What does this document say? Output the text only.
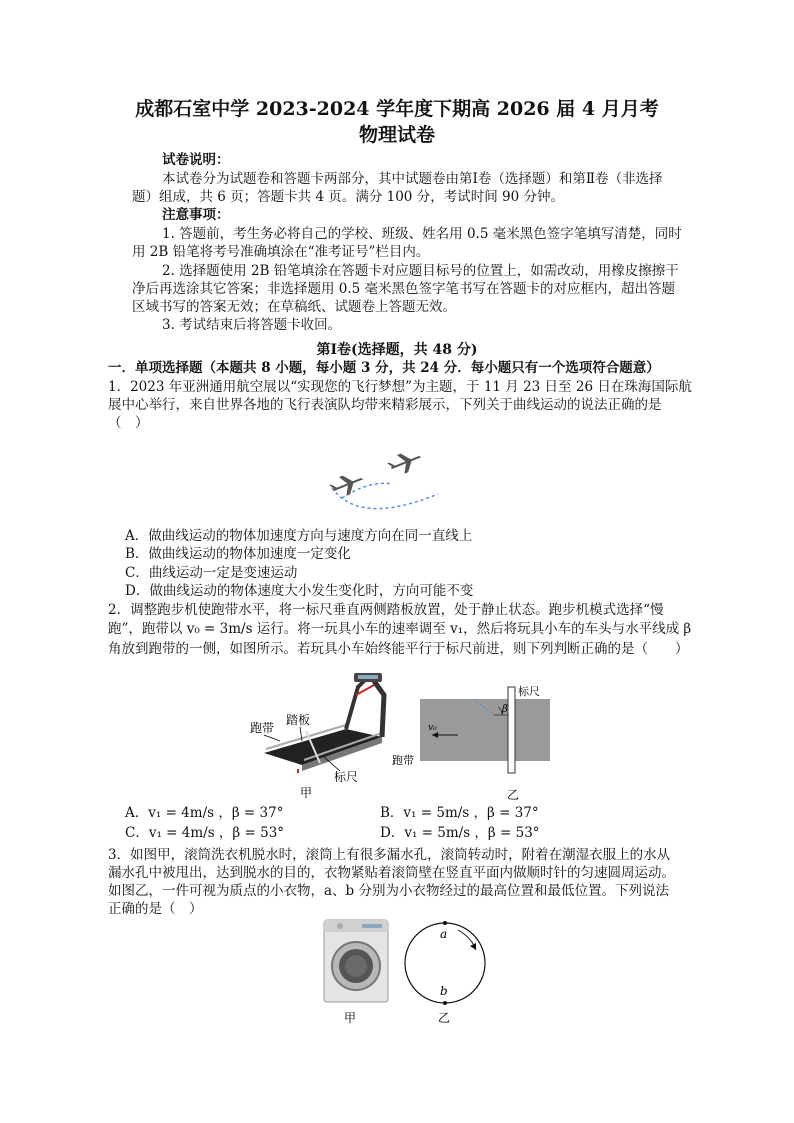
成都石室中学 2023-2024 学年度下期高 2026 届 4 月月考
物理试卷
试卷说明：
本试卷分为试题卷和答题卡两部分，其中试题卷由第Ⅰ卷（选择题）和第Ⅱ卷（非选择
题）组成，共 6 页；答题卡共 4 页。满分 100 分，考试时间 90 分钟。
注意事项：
1. 答题前，考生务必将自己的学校、班级、姓名用 0.5 毫米黑色签字笔填写清楚，同时
用 2B 铅笔将考号准确填涂在“准考证号”栏目内。
2. 选择题使用 2B 铅笔填涂在答题卡对应题目标号的位置上，如需改动，用橡皮擦擦干
净后再选涂其它答案；非选择题用 0.5 毫米黑色签字笔书写在答题卡的对应框内，超出答题
区域书写的答案无效；在草稿纸、试题卷上答题无效。
3. 考试结束后将答题卡收回。
第Ⅰ卷(选择题，共 48 分)
一．单项选择题（本题共 8 小题，每小题 3 分，共 24 分．每小题只有一个选项符合题意）
1．2023 年亚洲通用航空展以“实现您的飞行梦想”为主题，于 11 月 23 日至 26 日在珠海国际航
展中心举行，来自世界各地的飞行表演队均带来精彩展示，下列关于曲线运动的说法正确的是
（　）
A．做曲线运动的物体加速度方向与速度方向在同一直线上
B．做曲线运动的物体加速度一定变化
C．曲线运动一定是变速运动
D．做曲线运动的物体速度大小发生变化时，方向可能不变
2．调整跑步机使跑带水平，将一标尺垂直两侧踏板放置，处于静止状态。跑步机模式选择“慢
跑”，跑带以 v₀ = 3m/s 运行。将一玩具小车的速率调至 v₁，然后将玩具小车的车头与水平线成 β
角放到跑带的一侧，如图所示。若玩具小车始终能平行于标尺前进，则下列判断正确的是（　　）
跑带
踏板
标尺
甲
β
v₀
标尺
跑带
乙
A．v₁ = 4m/s ，β = 37°	B．v₁ = 5m/s ，β = 37°
C．v₁ = 4m/s ，β = 53°	D．v₁ = 5m/s ，β = 53°
3．如图甲，滚筒洗衣机脱水时，滚筒上有很多漏水孔，滚筒转动时，附着在潮湿衣服上的水从
漏水孔中被甩出，达到脱水的目的，衣物紧贴着滚筒壁在竖直平面内做顺时针的匀速圆周运动。
如图乙，一件可视为质点的小衣物，a、b 分别为小衣物经过的最高位置和最低位置。下列说法
正确的是（　）
甲
a
b
乙
